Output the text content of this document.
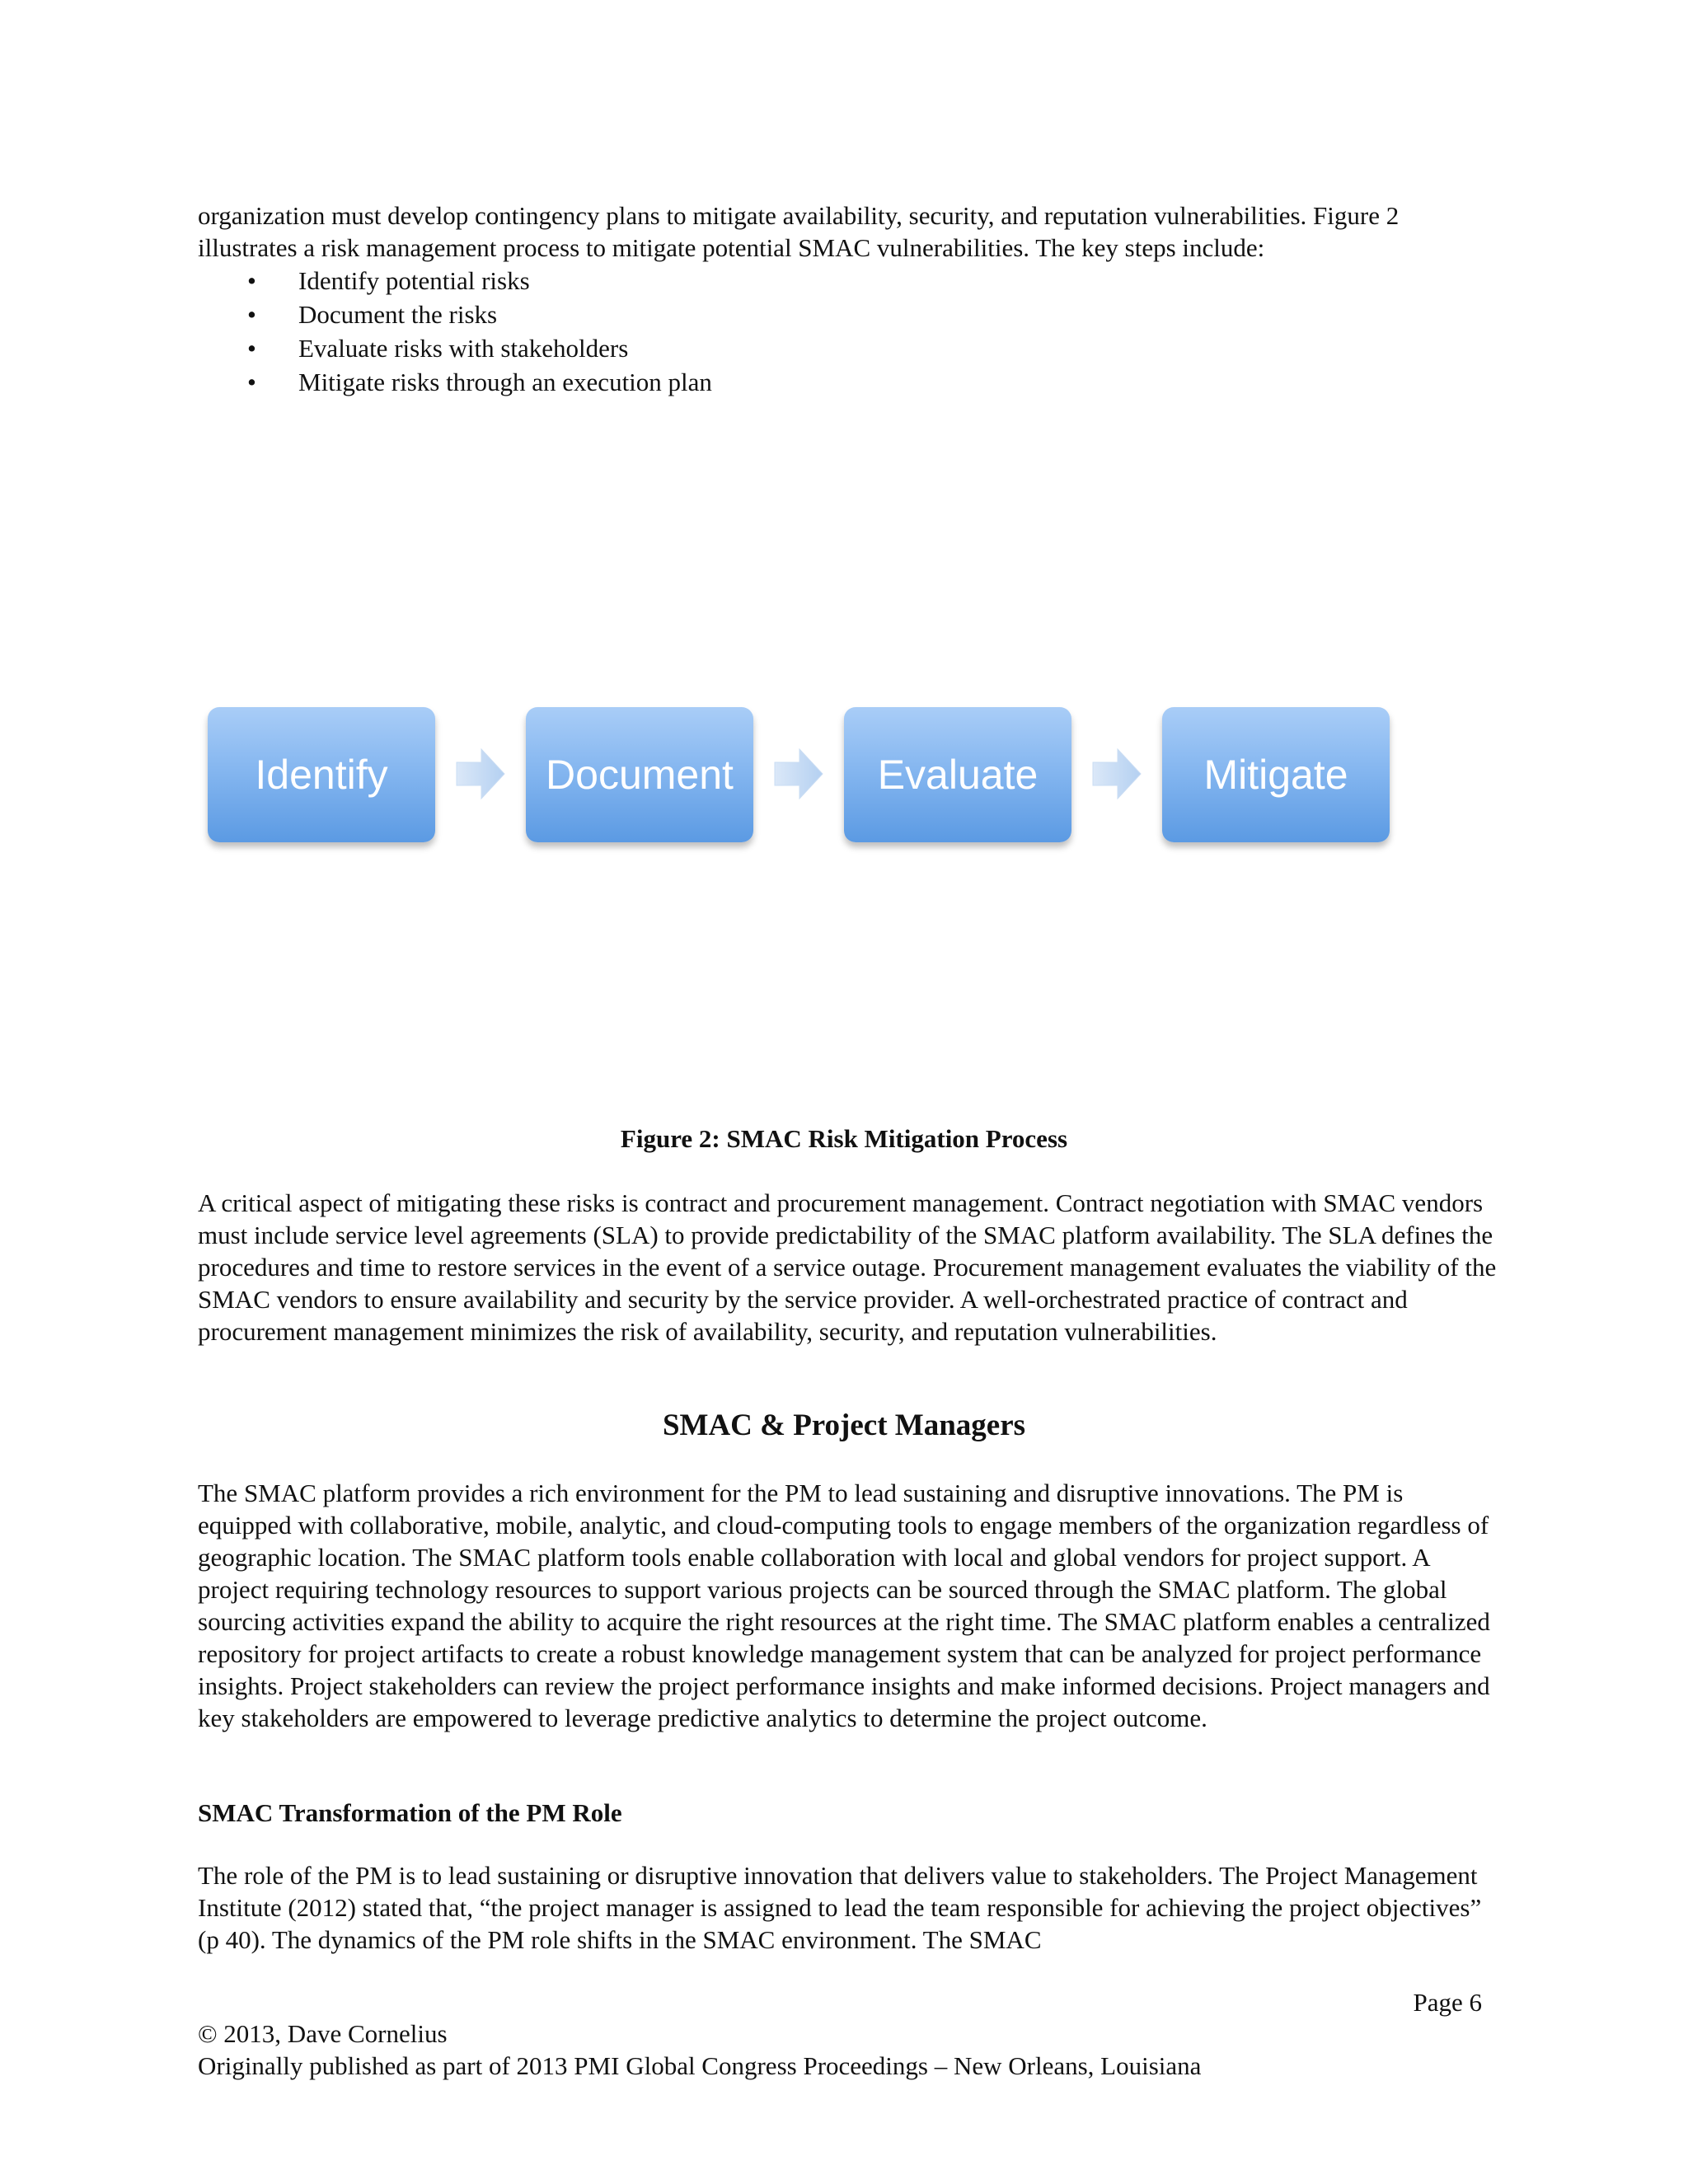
organization must develop contingency plans to mitigate availability, security, and reputation vulnerabilities. Figure 2 illustrates a risk management process to mitigate potential SMAC vulnerabilities. The key steps include:

• Identify potential risks
• Document the risks
• Evaluate risks with stakeholders
• Mitigate risks through an execution plan
Identify	Document	Evaluate	Mitigate
Figure 2: SMAC Risk Mitigation Process

A critical aspect of mitigating these risks is contract and procurement management. Contract negotiation with SMAC vendors must include service level agreements (SLA) to provide predictability of the SMAC platform availability. The SLA defines the procedures and time to restore services in the event of a service outage. Procurement management evaluates the viability of the SMAC vendors to ensure availability and security by the service provider. A well-orchestrated practice of contract and procurement management minimizes the risk of availability, security, and reputation vulnerabilities.

SMAC & Project Managers

The SMAC platform provides a rich environment for the PM to lead sustaining and disruptive innovations. The PM is equipped with collaborative, mobile, analytic, and cloud-computing tools to engage members of the organization regardless of geographic location. The SMAC platform tools enable collaboration with local and global vendors for project support. A project requiring technology resources to support various projects can be sourced through the SMAC platform. The global sourcing activities expand the ability to acquire the right resources at the right time. The SMAC platform enables a centralized repository for project artifacts to create a robust knowledge management system that can be analyzed for project performance insights. Project stakeholders can review the project performance insights and make informed decisions. Project managers and key stakeholders are empowered to leverage predictive analytics to determine the project outcome.

SMAC Transformation of the PM Role

The role of the PM is to lead sustaining or disruptive innovation that delivers value to stakeholders. The Project Management Institute (2012) stated that, “the project manager is assigned to lead the team responsible for achieving the project objectives” (p 40). The dynamics of the PM role shifts in the SMAC environment. The SMAC

Page 6
© 2013, Dave Cornelius
Originally published as part of 2013 PMI Global Congress Proceedings – New Orleans, Louisiana
